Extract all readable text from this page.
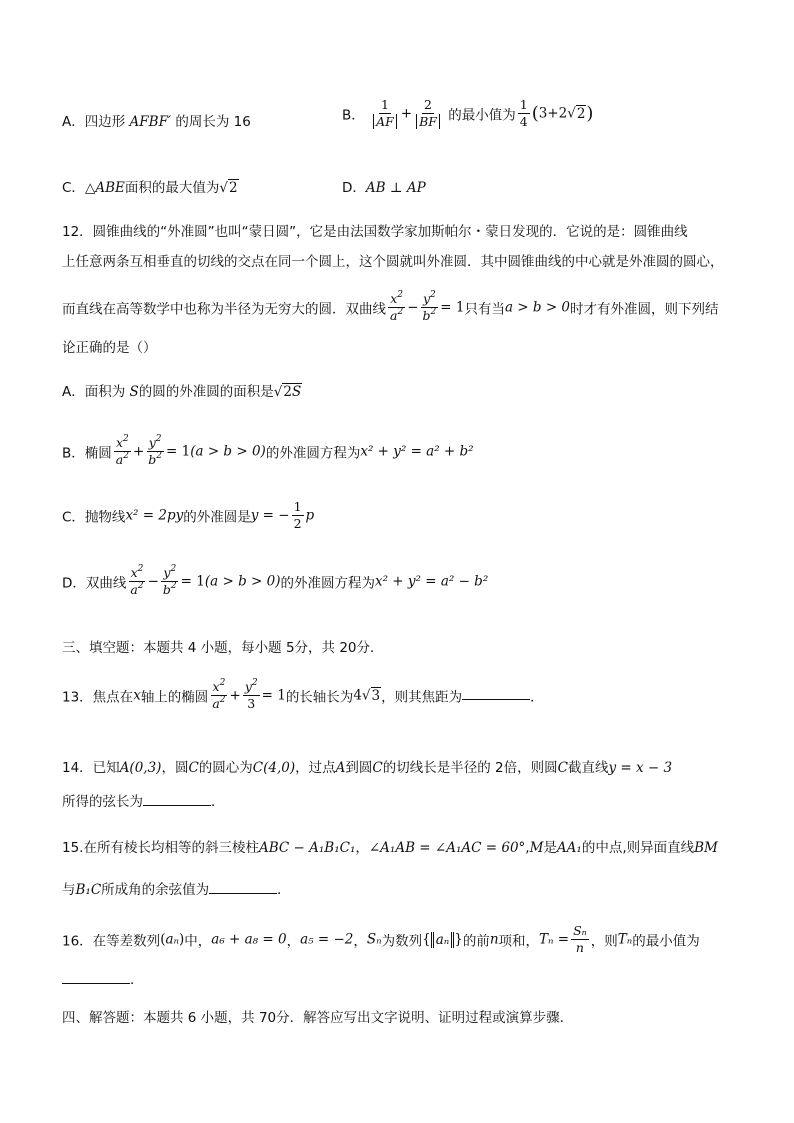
A．四边形 AFBF′ 的周长为 16	B． $\frac{1}{AF} + \frac{2}{BF}$ 的最小值为 $\frac{1}{4} (3+2√2)$
C．△ABE面积的最大值为√2	D．AB ⊥ AP
12．圆锥曲线的“外准圆”也叫“蒙日圆”，它是由法国数学家加斯帕尔・蒙日发现的．它说的是：圆锥曲线
上任意两条互相垂直的切线的交点在同一个圆上，这个圆就叫外准圆．其中圆锥曲线的中心就是外准圆的圆心，
而直线在高等数学中也称为半径为无穷大的圆．双曲线 $\frac{x^2}{a^2} - \frac{y^2}{b^2} = 1$只有当a > b > 0时才有外准圆，则下列结
论正确的是（）
A．面积为 S的圆的外准圆的面积是√2S
B．椭圆 $\frac{x^2}{a^2} + \frac{y^2}{b^2} = 1(a > b > 0)$的外准圆方程为x² + y² = a² + b²
C．抛物线x² = 2py的外准圆是y = − $\frac{1}{2}$ p
D．双曲线 $\frac{x^2}{a^2} - \frac{y^2}{b^2} = 1(a > b > 0)$的外准圆方程为x² + y² = a² − b²
三、填空题：本题共 4 小题，每小题 5分，共 20分．
13．焦点在x轴上的椭圆 $\frac{x^2}{a^2} + \frac{y^2}{3} = 1$的长轴长为4√3，则其焦距为	．
14．已知A(0,3)，圆C的圆心为C(4,0)，过点A到圆C的切线长是半径的 2倍，则圆C截直线y = x − 3
所得的弦长为	．
15.在所有棱长均相等的斜三棱柱ABC − A₁B₁C₁，∠A₁AB = ∠A₁AC = 60°,M是AA₁的中点,则异面直线BM
与B₁C所成角的余弦值为	．
16．在等差数列(aₙ)中，a₆ + a₈ = 0，a₅ = −2，Sₙ为数列{ aₙ }的前n项和，$T_n = \frac{\text{Sₙ}}{n}$ ，则Tₙ的最小值为
．
四、解答题：本题共 6 小题，共 70分．解答应写出文字说明、证明过程或演算步骤．
